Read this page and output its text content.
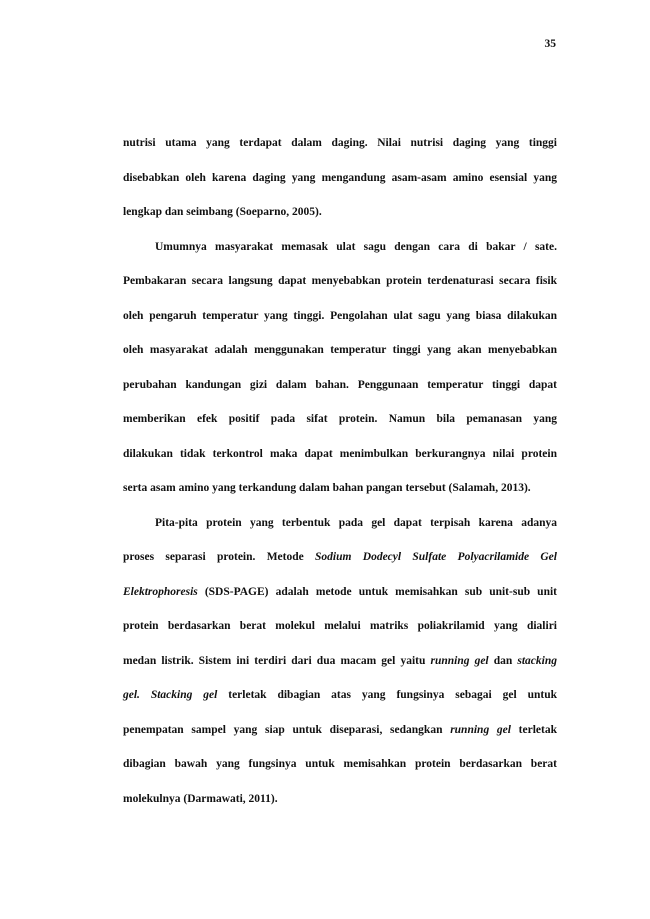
35
nutrisi utama yang terdapat dalam daging. Nilai nutrisi daging yang tinggi
disebabkan oleh karena daging yang mengandung asam-asam amino esensial yang
lengkap dan seimbang (Soeparno, 2005).
Umumnya masyarakat memasak ulat sagu dengan cara di bakar / sate.
Pembakaran secara langsung dapat menyebabkan protein terdenaturasi secara fisik
oleh pengaruh temperatur yang tinggi. Pengolahan ulat sagu yang biasa dilakukan
oleh masyarakat adalah menggunakan temperatur tinggi yang akan menyebabkan
perubahan kandungan gizi dalam bahan. Penggunaan temperatur tinggi dapat
memberikan efek positif pada sifat protein. Namun bila pemanasan yang
dilakukan tidak terkontrol maka dapat menimbulkan berkurangnya nilai protein
serta asam amino yang terkandung dalam bahan pangan tersebut (Salamah, 2013).
Pita-pita protein yang terbentuk pada gel dapat terpisah karena adanya
proses separasi protein. Metode Sodium Dodecyl Sulfate Polyacrilamide Gel
Elektrophoresis (SDS-PAGE) adalah metode untuk memisahkan sub unit-sub unit
protein berdasarkan berat molekul melalui matriks poliakrilamid yang dialiri
medan listrik. Sistem ini terdiri dari dua macam gel yaitu running gel dan stacking
gel. Stacking gel terletak dibagian atas yang fungsinya sebagai gel untuk
penempatan sampel yang siap untuk diseparasi, sedangkan running gel terletak
dibagian bawah yang fungsinya untuk memisahkan protein berdasarkan berat
molekulnya (Darmawati, 2011).
